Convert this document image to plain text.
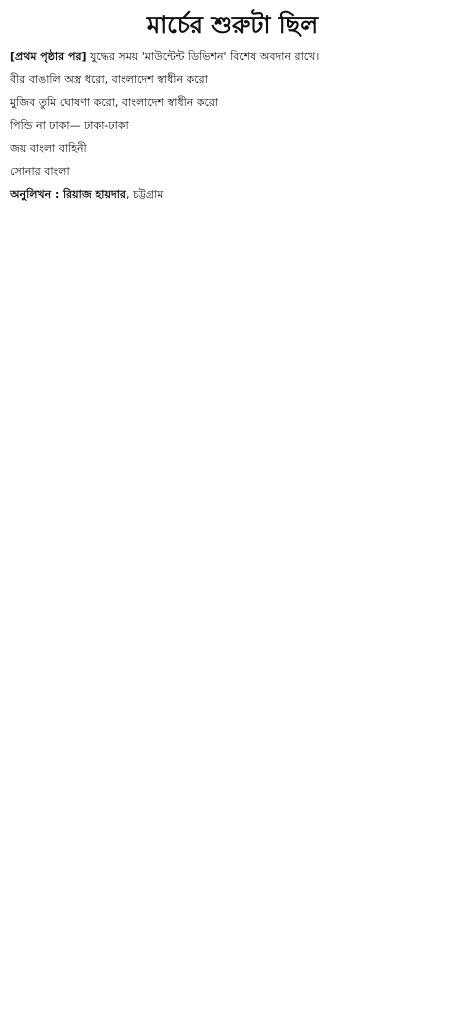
মার্চের শুরুটা ছিল

[প্রথম পৃষ্ঠার পর] যুদ্ধের সময় 'মাউন্টেন্ট ডিভিশন' বিশেষ অবদান রাখে।

বীর বাঙালি অস্ত্র ধরো, বাংলাদেশ স্বাধীন করো

মুজিব তুমি ঘোষণা করো, বাংলাদেশ স্বাধীন করো

পিন্ডি না ঢাকা— ঢাকা-ঢাকা

জয় বাংলা বাহিনী

সোনার বাংলা

অনুলিখন : রিয়াজ হায়দার, চট্টগ্রাম
